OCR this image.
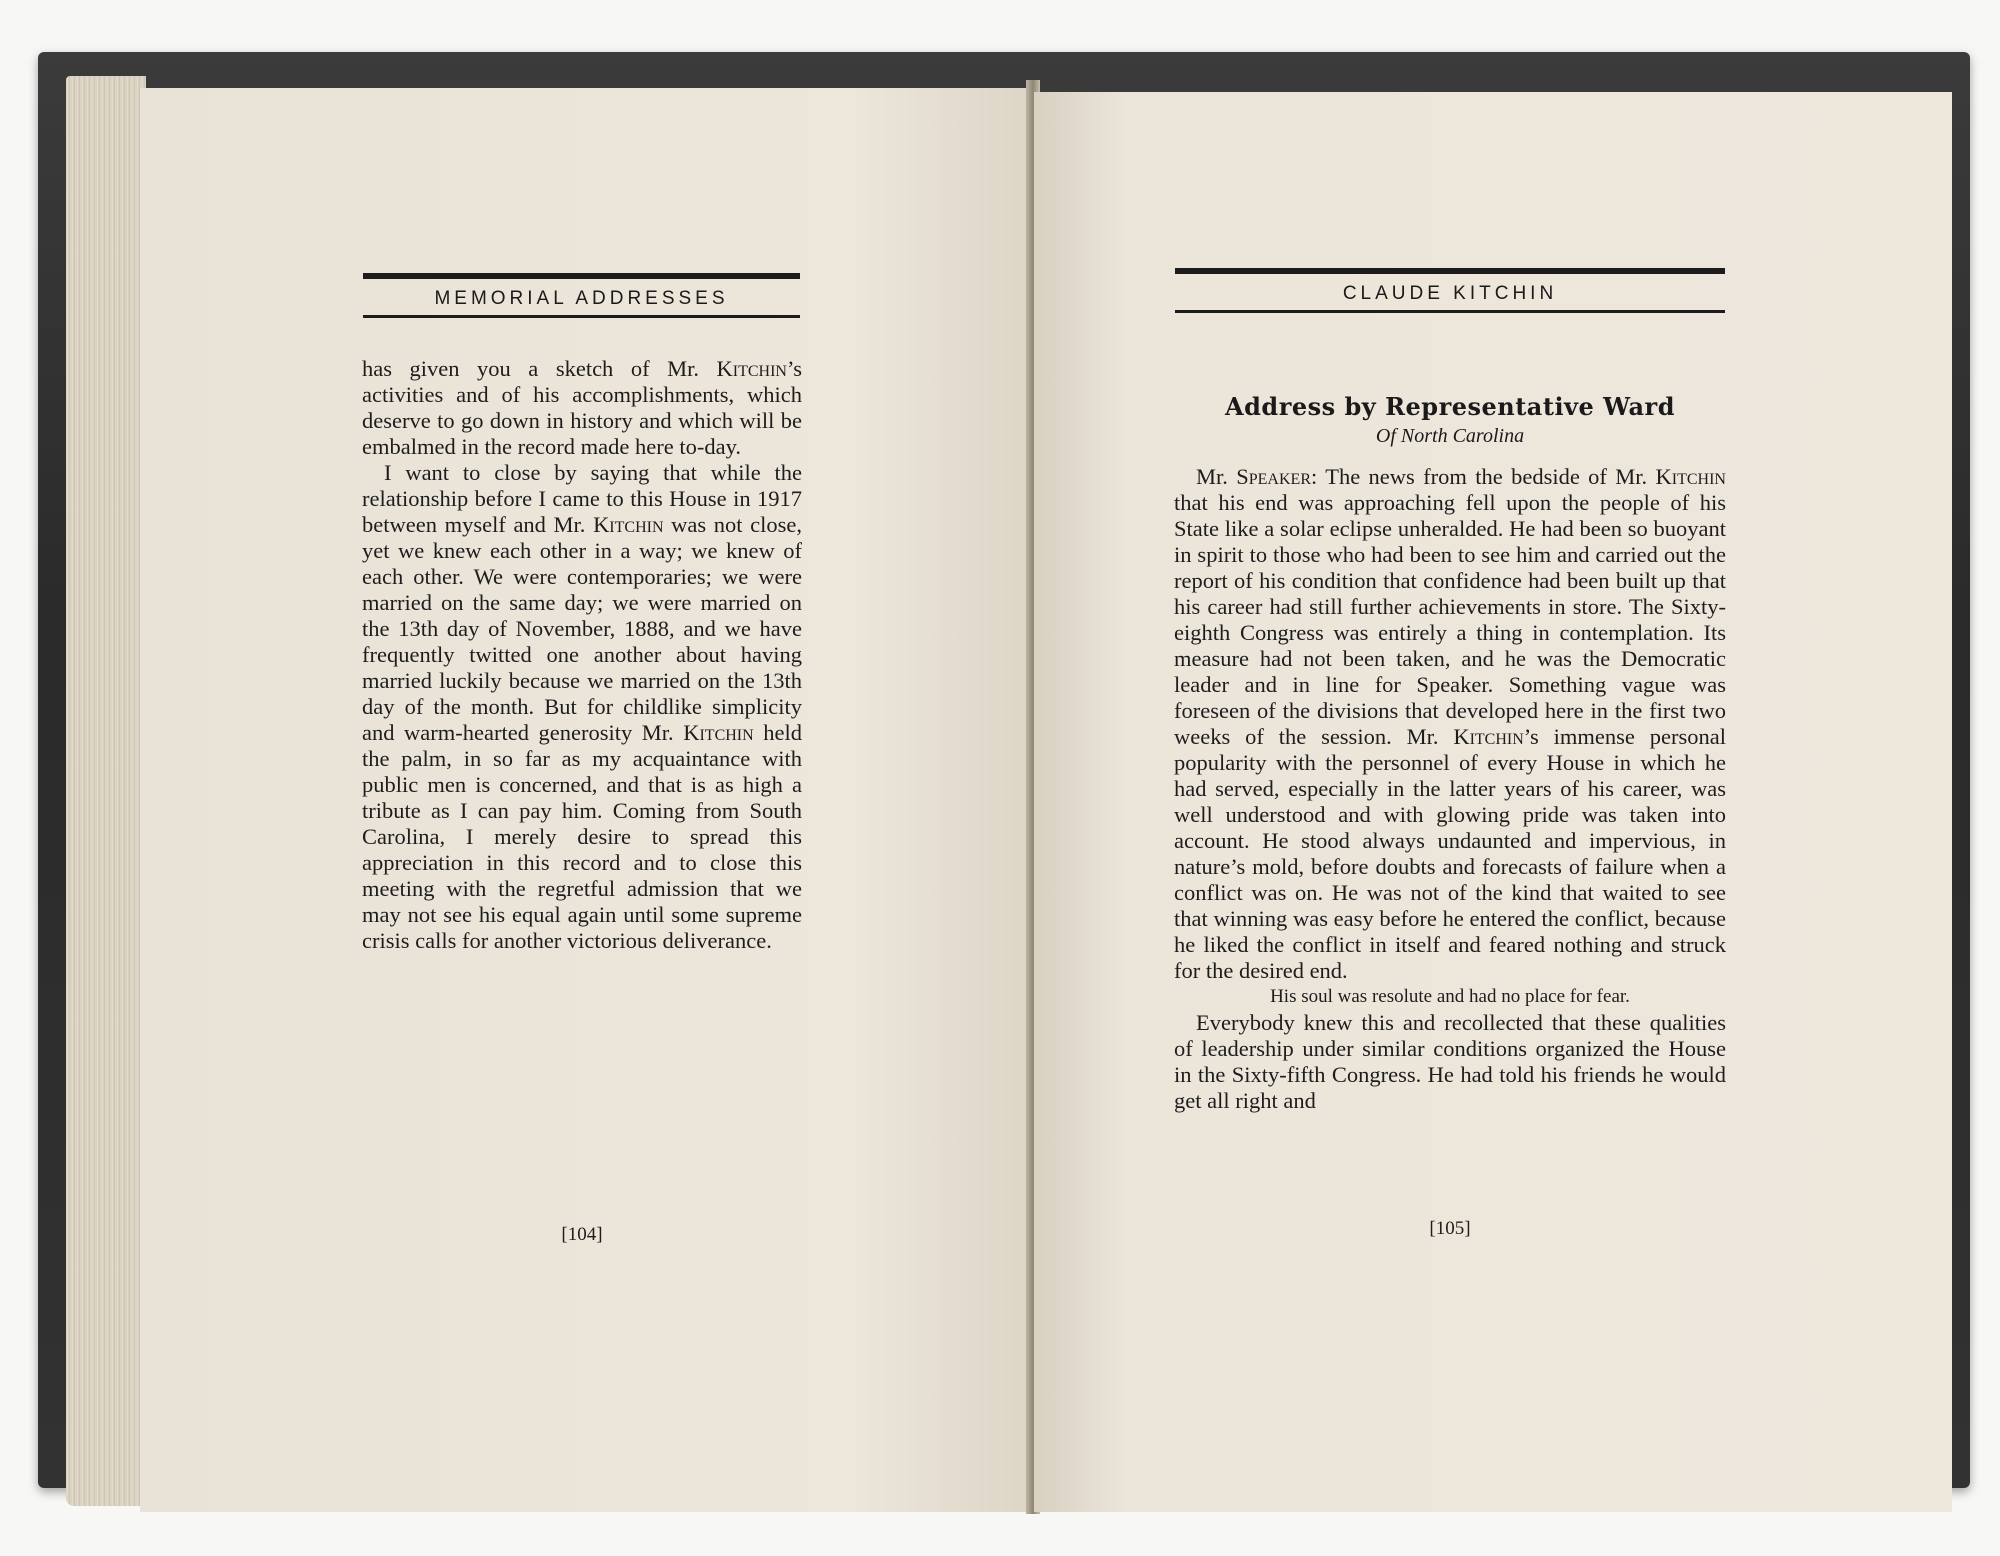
MEMORIAL ADDRESSES

has given you a sketch of Mr. Kitchin’s activities and of his accomplishments, which deserve to go down in history and which will be embalmed in the record made here to-day.

I want to close by saying that while the relationship before I came to this House in 1917 between myself and Mr. Kitchin was not close, yet we knew each other in a way; we knew of each other. We were contemporaries; we were married on the same day; we were married on the 13th day of November, 1888, and we have frequently twitted one another about having married luckily because we married on the 13th day of the month. But for childlike simplicity and warm-hearted generosity Mr. Kitchin held the palm, in so far as my acquaintance with public men is concerned, and that is as high a tribute as I can pay him. Coming from South Carolina, I merely desire to spread this appreciation in this record and to close this meeting with the regretful admission that we may not see his equal again until some supreme crisis calls for another victorious deliverance.

[104]
CLAUDE KITCHIN
Address by Representative Ward
Of North Carolina

Mr. Speaker: The news from the bedside of Mr. Kitchin that his end was approaching fell upon the people of his State like a solar eclipse unheralded. He had been so buoyant in spirit to those who had been to see him and carried out the report of his condition that confidence had been built up that his career had still further achievements in store. The Sixty-eighth Congress was entirely a thing in contemplation. Its measure had not been taken, and he was the Democratic leader and in line for Speaker. Something vague was foreseen of the divisions that developed here in the first two weeks of the session. Mr. Kitchin’s immense personal popularity with the personnel of every House in which he had served, especially in the latter years of his career, was well understood and with glowing pride was taken into account. He stood always undaunted and impervious, in nature’s mold, before doubts and forecasts of failure when a conflict was on. He was not of the kind that waited to see that winning was easy before he entered the conflict, because he liked the conflict in itself and feared nothing and struck for the desired end.

His soul was resolute and had no place for fear.

Everybody knew this and recollected that these qualities of leadership under similar conditions organized the House in the Sixty-fifth Congress. He had told his friends he would get all right and

[105]
